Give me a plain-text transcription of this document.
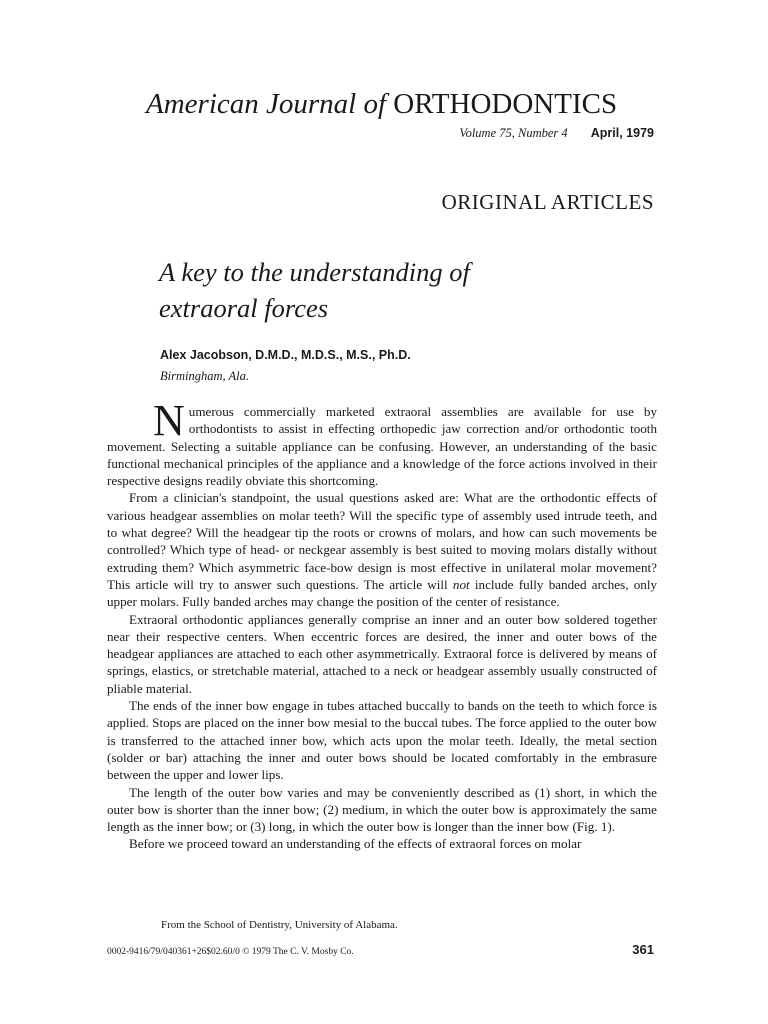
American Journal of ORTHODONTICS
Volume 75, Number 4 April, 1979
ORIGINAL ARTICLES
A key to the understanding of
extraoral forces
Alex Jacobson, D.M.D., M.D.S., M.S., Ph.D.
Birmingham, Ala.

Numerous commercially marketed extraoral assemblies are available for use by orthodontists to assist in effecting orthopedic jaw correction and/or orthodontic tooth movement. Selecting a suitable appliance can be confusing. However, an understanding of the basic functional mechanical principles of the appliance and a knowledge of the force actions involved in their respective designs readily obviate this shortcoming.

From a clinician's standpoint, the usual questions asked are: What are the orthodontic effects of various headgear assemblies on molar teeth? Will the specific type of assembly used intrude teeth, and to what degree? Will the headgear tip the roots or crowns of molars, and how can such movements be controlled? Which type of head- or neckgear assembly is best suited to moving molars distally without extruding them? Which asymmetric face-bow design is most effective in unilateral molar movement? This article will try to answer such questions. The article will not include fully banded arches, only upper molars. Fully banded arches may change the position of the center of resistance.

Extraoral orthodontic appliances generally comprise an inner and an outer bow soldered together near their respective centers. When eccentric forces are desired, the inner and outer bows of the headgear appliances are attached to each other asymmetrically. Extraoral force is delivered by means of springs, elastics, or stretchable material, attached to a neck or headgear assembly usually constructed of pliable material.

The ends of the inner bow engage in tubes attached buccally to bands on the teeth to which force is applied. Stops are placed on the inner bow mesial to the buccal tubes. The force applied to the outer bow is transferred to the attached inner bow, which acts upon the molar teeth. Ideally, the metal section (solder or bar) attaching the inner and outer bows should be located comfortably in the embrasure between the upper and lower lips.

The length of the outer bow varies and may be conveniently described as (1) short, in which the outer bow is shorter than the inner bow; (2) medium, in which the outer bow is approximately the same length as the inner bow; or (3) long, in which the outer bow is longer than the inner bow (Fig. 1).

Before we proceed toward an understanding of the effects of extraoral forces on molar

From the School of Dentistry, University of Alabama.
0002-9416/79/040361+26$02.60/0 © 1979 The C. V. Mosby Co.	361
